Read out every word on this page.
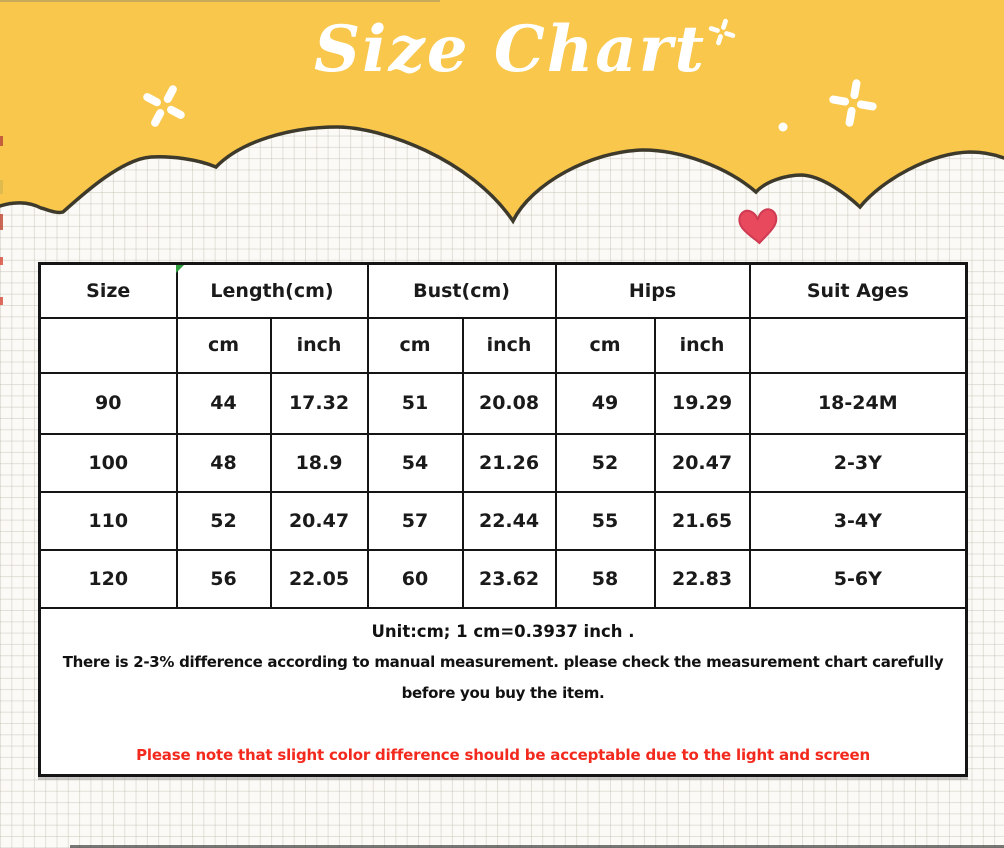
Size Chart
Size	Length(cm)		Bust(cm)		Hips		Suit Ages
	cm	inch	cm	inch	cm	inch	
90	44	17.32	51	20.08	49	19.29	18-24M
100	48	18.9	54	21.26	52	20.47	2-3Y
110	52	20.47	57	22.44	55	21.65	3-4Y
120	56	22.05	60	23.62	58	22.83	5-6Y

Unit:cm; 1 cm=0.3937 inch .
There is 2-3% difference according to manual measurement. please check the measurement chart carefully
before you buy the item.
Please note that slight color difference should be acceptable due to the light and screen							
